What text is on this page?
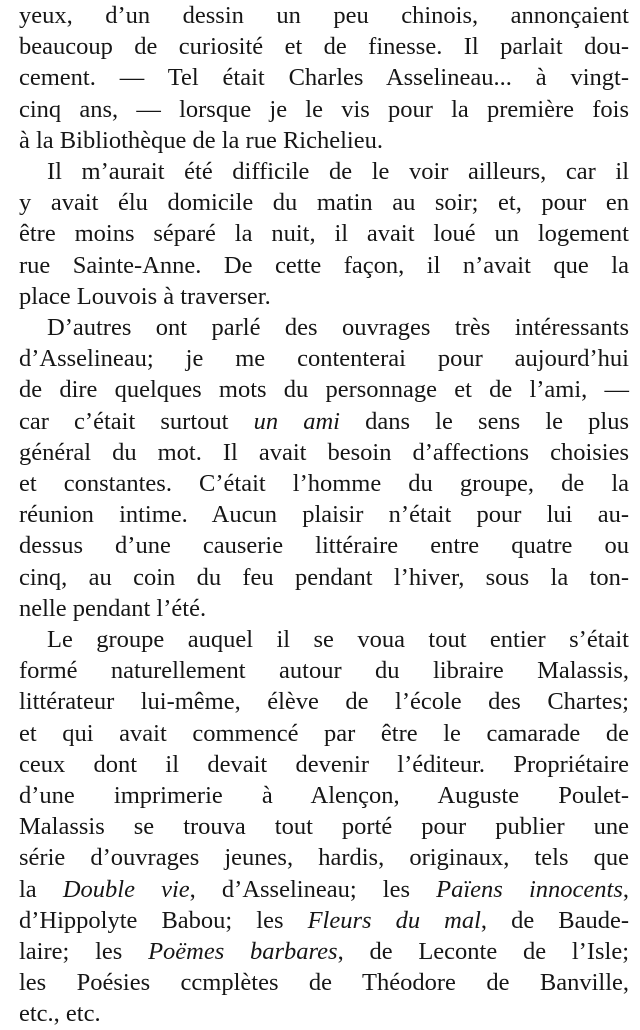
yeux, d’un dessin un peu chinois, annonçaient
beaucoup de curiosité et de finesse. Il parlait dou-
cement. — Tel était Charles Asselineau... à vingt-
cinq ans, — lorsque je le vis pour la première fois
à la Bibliothèque de la rue Richelieu.
Il m’aurait été difficile de le voir ailleurs, car il
y avait élu domicile du matin au soir; et, pour en
être moins séparé la nuit, il avait loué un logement
rue Sainte-Anne. De cette façon, il n’avait que la
place Louvois à traverser.
D’autres ont parlé des ouvrages très intéressants
d’Asselineau; je me contenterai pour aujourd’hui
de dire quelques mots du personnage et de l’ami, —
car c’était surtout un ami dans le sens le plus
général du mot. Il avait besoin d’affections choisies
et constantes. C’était l’homme du groupe, de la
réunion intime. Aucun plaisir n’était pour lui au-
dessus d’une causerie littéraire entre quatre ou
cinq, au coin du feu pendant l’hiver, sous la ton-
nelle pendant l’été.
Le groupe auquel il se voua tout entier s’était
formé naturellement autour du libraire Malassis,
littérateur lui-même, élève de l’école des Chartes;
et qui avait commencé par être le camarade de
ceux dont il devait devenir l’éditeur. Propriétaire
d’une imprimerie à Alençon, Auguste Poulet-
Malassis se trouva tout porté pour publier une
série d’ouvrages jeunes, hardis, originaux, tels que
la Double vie, d’Asselineau; les Païens innocents,
d’Hippolyte Babou; les Fleurs du mal, de Baude-
laire; les Poëmes barbares, de Leconte de l’Isle;
les Poésies ccmplètes de Théodore de Banville,
etc., etc.
